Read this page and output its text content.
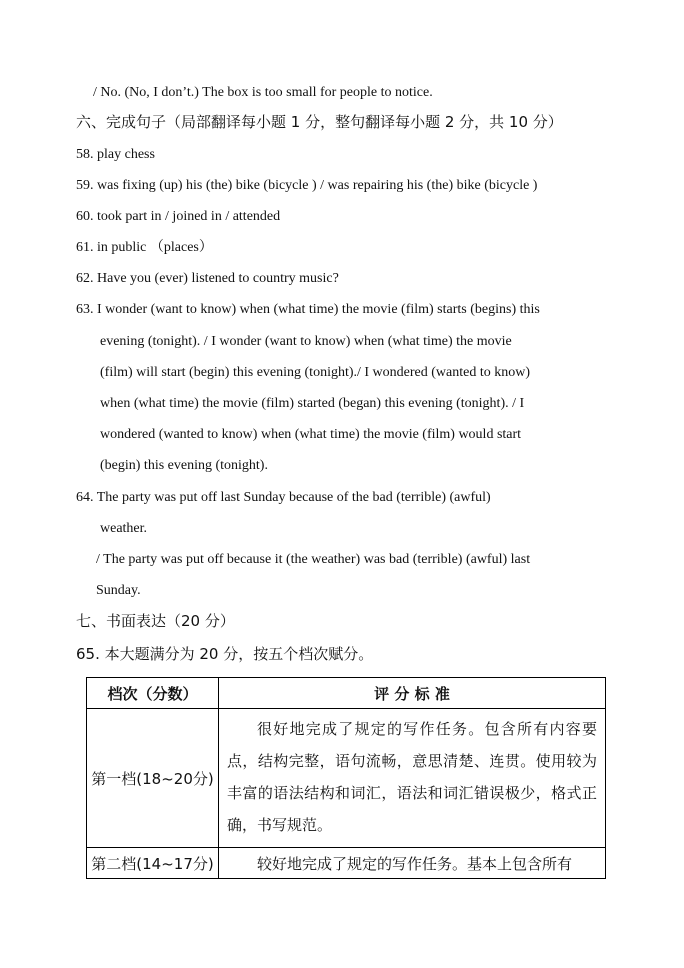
/ No. (No, I don’t.) The box is too small for people to notice.
六、完成句子（局部翻译每小题 1 分，整句翻译每小题 2 分，共 10 分）
58. play chess
59. was fixing (up) his (the) bike (bicycle ) / was repairing his (the) bike (bicycle )
60. took part in / joined in / attended
61. in public （places）
62. Have you (ever) listened to country music?
63. I wonder (want to know) when (what time) the movie (film) starts (begins) this
evening (tonight). / I wonder (want to know) when (what time) the movie
(film) will start (begin) this evening (tonight)./ I wondered (wanted to know)
when (what time) the movie (film) started (began) this evening (tonight). / I
wondered (wanted to know) when (what time) the movie (film) would start
(begin) this evening (tonight).
64. The party was put off last Sunday because of the bad (terrible) (awful)
weather.
/ The party was put off because it (the weather) was bad (terrible) (awful) last
Sunday.
七、书面表达（20 分）
65. 本大题满分为 20 分，按五个档次赋分。
档次（分数）	评 分 标 准
第一档(18~20分)	很好地完成了规定的写作任务。包含所有内容要点，结构完整，语句流畅，意思清楚、连贯。使用较为丰富的语法结构和词汇，语法和词汇错误极少，格式正确，书写规范。
第二档(14~17分)	较好地完成了规定的写作任务。基本上包含所有
